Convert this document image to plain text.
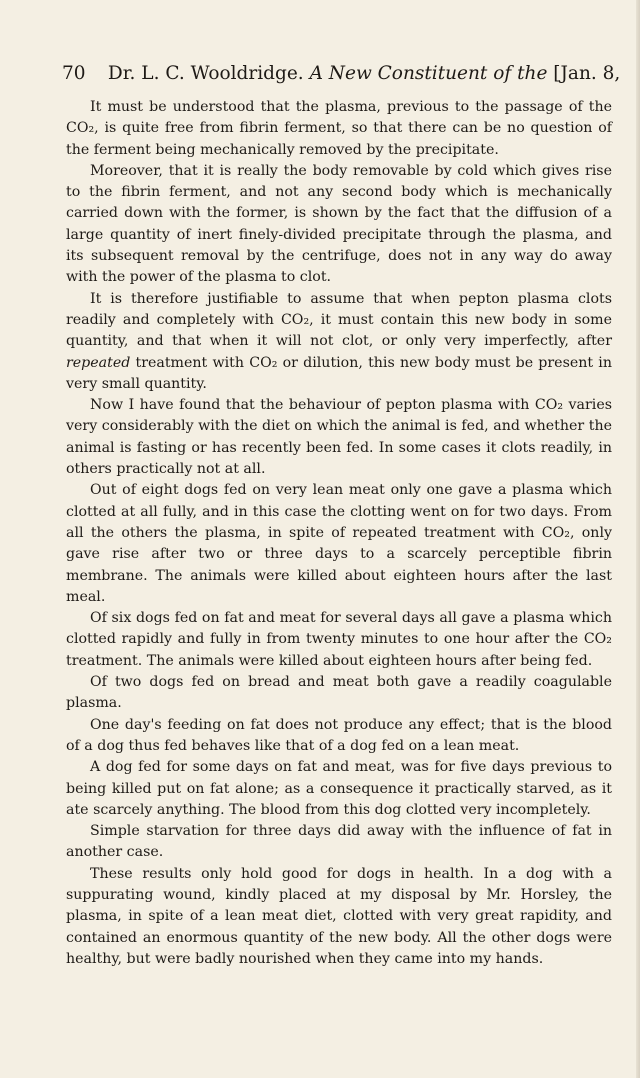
70 Dr. L. C. Wooldridge. A New Constituent of the [Jan. 8,

It must be understood that the plasma, previous to the passage of the CO₂, is quite free from fibrin ferment, so that there can be no question of the ferment being mechanically removed by the precipitate.

Moreover, that it is really the body removable by cold which gives rise to the fibrin ferment, and not any second body which is mechanically carried down with the former, is shown by the fact that the diffusion of a large quantity of inert finely-divided precipitate through the plasma, and its subsequent removal by the centrifuge, does not in any way do away with the power of the plasma to clot.

It is therefore justifiable to assume that when pepton plasma clots readily and completely with CO₂, it must contain this new body in some quantity, and that when it will not clot, or only very imperfectly, after repeated treatment with CO₂ or dilution, this new body must be present in very small quantity.

Now I have found that the behaviour of pepton plasma with CO₂ varies very considerably with the diet on which the animal is fed, and whether the animal is fasting or has recently been fed. In some cases it clots readily, in others practically not at all.

Out of eight dogs fed on very lean meat only one gave a plasma which clotted at all fully, and in this case the clotting went on for two days. From all the others the plasma, in spite of repeated treatment with CO₂, only gave rise after two or three days to a scarcely perceptible fibrin membrane. The animals were killed about eighteen hours after the last meal.

Of six dogs fed on fat and meat for several days all gave a plasma which clotted rapidly and fully in from twenty minutes to one hour after the CO₂ treatment. The animals were killed about eighteen hours after being fed.

Of two dogs fed on bread and meat both gave a readily coagulable plasma.

One day's feeding on fat does not produce any effect; that is the blood of a dog thus fed behaves like that of a dog fed on a lean meat.

A dog fed for some days on fat and meat, was for five days previous to being killed put on fat alone; as a consequence it practically starved, as it ate scarcely anything. The blood from this dog clotted very incompletely.

Simple starvation for three days did away with the influence of fat in another case.

These results only hold good for dogs in health. In a dog with a suppurating wound, kindly placed at my disposal by Mr. Horsley, the plasma, in spite of a lean meat diet, clotted with very great rapidity, and contained an enormous quantity of the new body. All the other dogs were healthy, but were badly nourished when they came into my hands.
